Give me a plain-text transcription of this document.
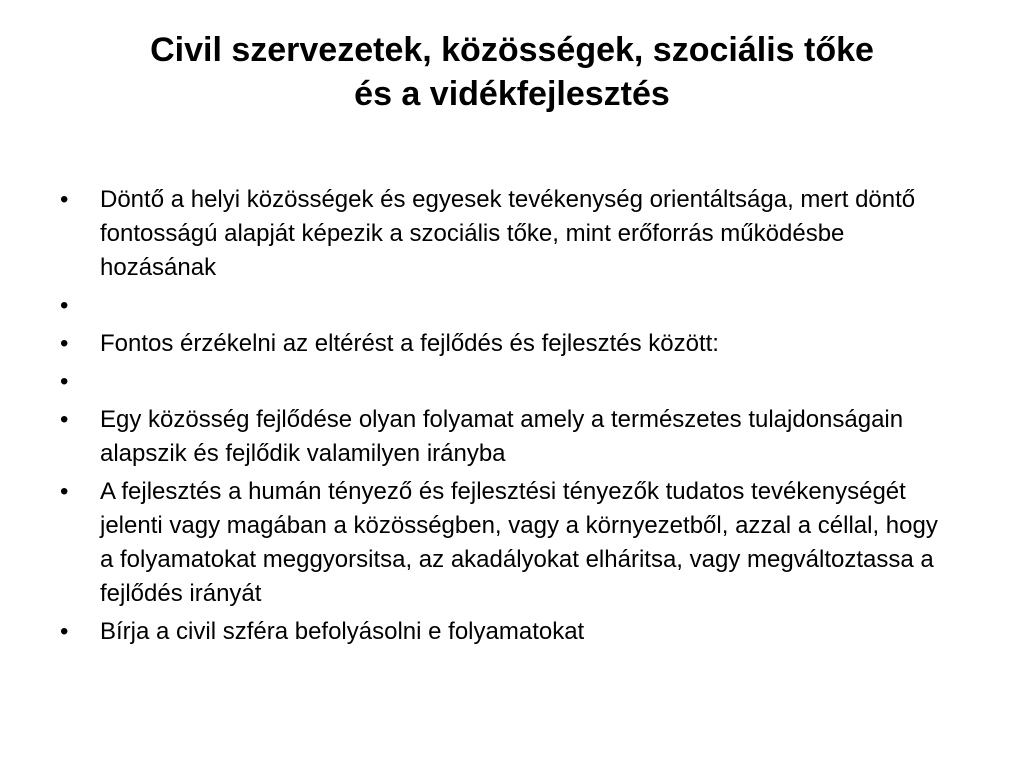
Civil szervezetek, közösségek, szociális tőke
és a vidékfejlesztés
•	Döntő a helyi közösségek és egyesek tevékenység orientáltsága, mert döntő fontosságú alapját képezik a szociális tőke, mint erőforrás működésbe hozásának
•
•	Fontos érzékelni az eltérést a fejlődés és fejlesztés között:
•
•	Egy közösség fejlődése olyan folyamat amely a természetes tulajdonságain alapszik és fejlődik valamilyen irányba
•	A fejlesztés a humán tényező és fejlesztési tényezők tudatos tevékenységét jelenti vagy magában a közösségben, vagy a környezetből, azzal a céllal, hogy a folyamatokat meggyorsitsa, az akadályokat elháritsa, vagy megváltoztassa a fejlődés irányát
•	Bírja a civil szféra befolyásolni e folyamatokat
